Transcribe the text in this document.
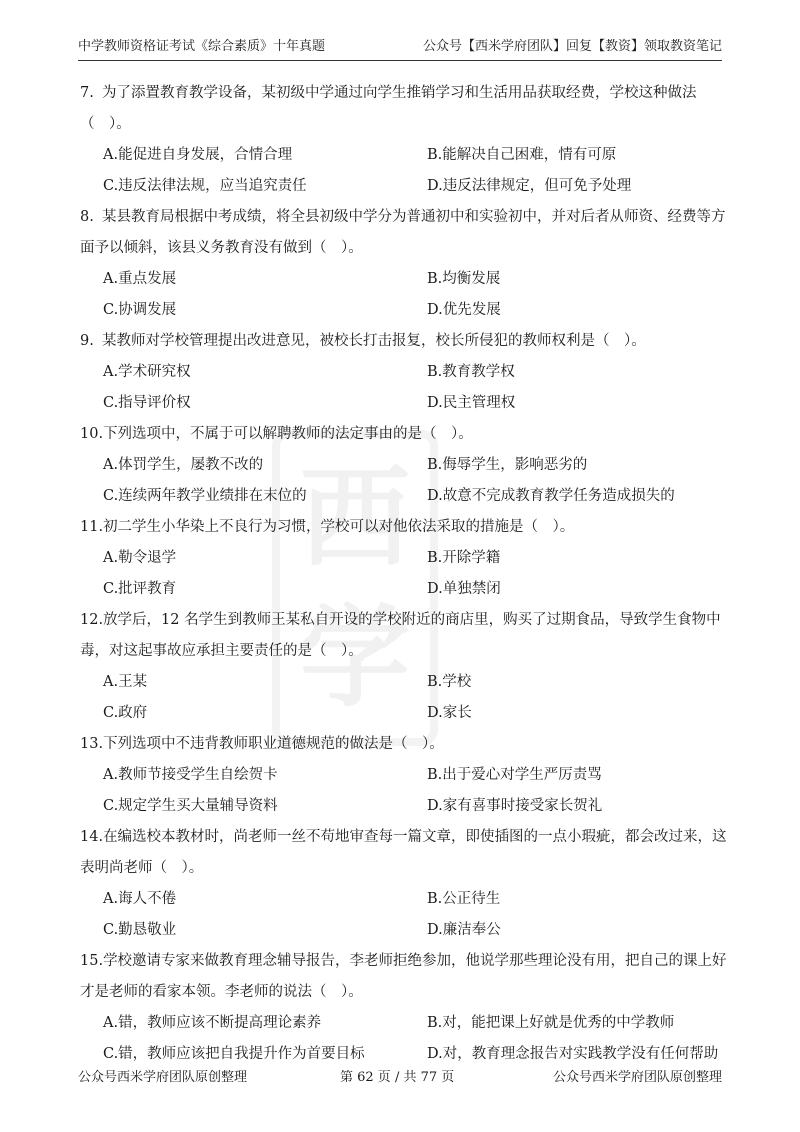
中学教师资格证考试《综合素质》十年真题	公众号【西米学府团队】回复【教资】领取教资笔记
西
学
7. 为了添置教育教学设备，某初级中学通过向学生推销学习和生活用品获取经费，学校这种做法（　）。
A.能促进自身发展，合情合理	B.能解决自己困难，情有可原
C.违反法律法规，应当追究责任	D.违反法律规定，但可免予处理
8. 某县教育局根据中考成绩，将全县初级中学分为普通初中和实验初中，并对后者从师资、经费等方面予以倾斜，该县义务教育没有做到（　）。
A.重点发展	B.均衡发展
C.协调发展	D.优先发展
9. 某教师对学校管理提出改进意见，被校长打击报复，校长所侵犯的教师权利是（　）。
A.学术研究权	B.教育教学权
C.指导评价权	D.民主管理权
10.下列选项中，不属于可以解聘教师的法定事由的是（　）。
A.体罚学生，屡教不改的	B.侮辱学生，影响恶劣的
C.连续两年教学业绩排在末位的	D.故意不完成教育教学任务造成损失的
11.初二学生小华染上不良行为习惯，学校可以对他依法采取的措施是（　）。
A.勒令退学	B.开除学籍
C.批评教育	D.单独禁闭
12.放学后，12 名学生到教师王某私自开设的学校附近的商店里，购买了过期食品，导致学生食物中毒，对这起事故应承担主要责任的是（　）。
A.王某	B.学校
C.政府	D.家长
13.下列选项中不违背教师职业道德规范的做法是（　）。
A.教师节接受学生自绘贺卡	B.出于爱心对学生严厉责骂
C.规定学生买大量辅导资料	D.家有喜事时接受家长贺礼
14.在编选校本教材时，尚老师一丝不苟地审查每一篇文章，即使插图的一点小瑕疵，都会改过来，这表明尚老师（　）。
A.诲人不倦	B.公正待生
C.勤恳敬业	D.廉洁奉公
15.学校邀请专家来做教育理念辅导报告，李老师拒绝参加，他说学那些理论没有用，把自己的课上好才是老师的看家本领。李老师的说法（　）。
A.错，教师应该不断提高理论素养	B.对，能把课上好就是优秀的中学教师
C.错，教师应该把自我提升作为首要目标	D.对，教育理念报告对实践教学没有任何帮助
公众号西米学府团队原创整理	第 62 页 / 共 77 页	公众号西米学府团队原创整理
